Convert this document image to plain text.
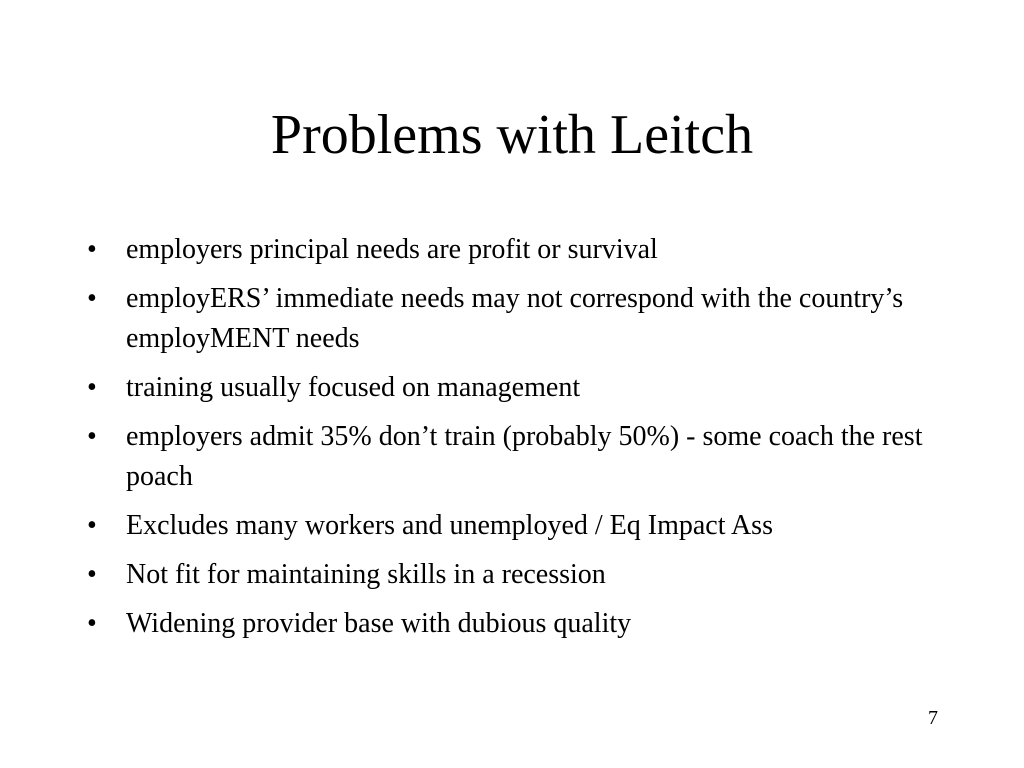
Problems with Leitch
• employers principal needs are profit or survival
• employERS’ immediate needs may not correspond with the country’s employMENT needs
• training usually focused on management
• employers admit 35% don’t train (probably 50%) - some coach the rest poach
• Excludes many workers and unemployed / Eq Impact Ass
• Not fit for maintaining skills in a recession
• Widening provider base with dubious quality
7
